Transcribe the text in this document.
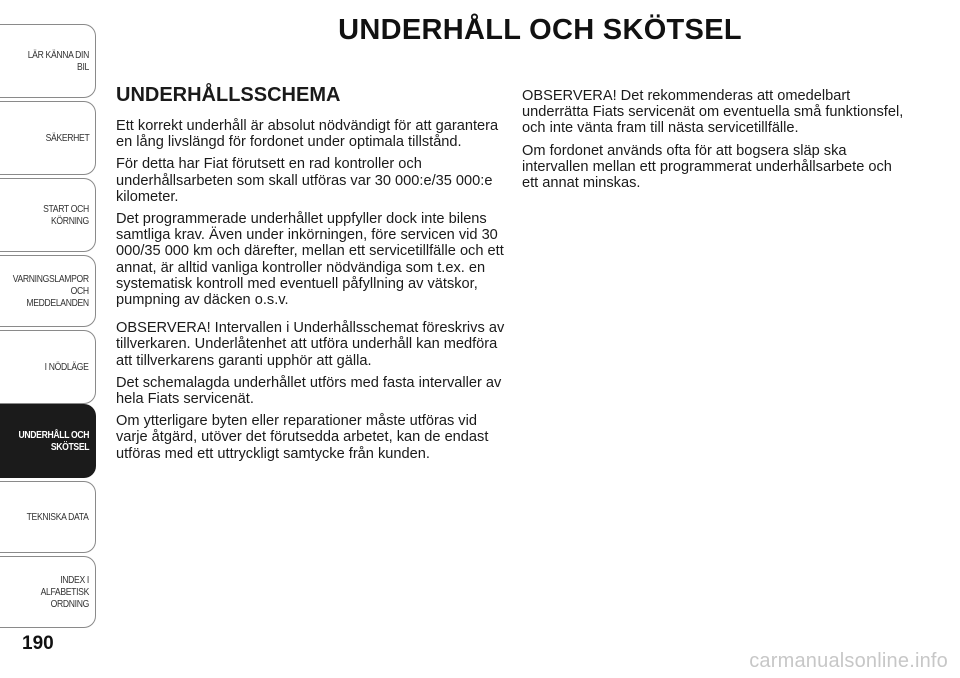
LÄR KÄNNA DIN BIL
SÄKERHET
START OCH
KÖRNING
VARNINGSLAMPOR
OCH
MEDDELANDEN
I NÖDLÄGE
UNDERHÅLL OCH
SKÖTSEL
TEKNISKA DATA
INDEX I ALFABETISK
ORDNING
190
UNDERHÅLL OCH SKÖTSEL
UNDERHÅLLSSCHEMA

Ett korrekt underhåll är absolut nödvändigt för att garantera en lång livslängd för fordonet under optimala tillstånd.

För detta har Fiat förutsett en rad kontroller och underhållsarbeten som skall utföras var 30 000:e/35 000:e kilometer.

Det programmerade underhållet uppfyller dock inte bilens samtliga krav. Även under inkörningen, före servicen vid 30 000/35 000 km och därefter, mellan ett servicetillfälle och ett annat, är alltid vanliga kontroller nödvändiga som t.ex. en systematisk kontroll med eventuell påfyllning av vätskor, pumpning av däcken o.s.v.

OBSERVERA! Intervallen i Underhållsschemat föreskrivs av tillverkaren. Underlåtenhet att utföra underhåll kan medföra att tillverkarens garanti upphör att gälla.

Det schemalagda underhållet utförs med fasta intervaller av hela Fiats servicenät.

Om ytterligare byten eller reparationer måste utföras vid varje åtgärd, utöver det förutsedda arbetet, kan de endast utföras med ett uttryckligt samtycke från kunden.

OBSERVERA! Det rekommenderas att omedelbart underrätta Fiats servicenät om eventuella små funktionsfel, och inte vänta fram till nästa servicetillfälle.

Om fordonet används ofta för att bogsera släp ska intervallen mellan ett programmerat underhållsarbete och ett annat minskas.

carmanualsonline.info
